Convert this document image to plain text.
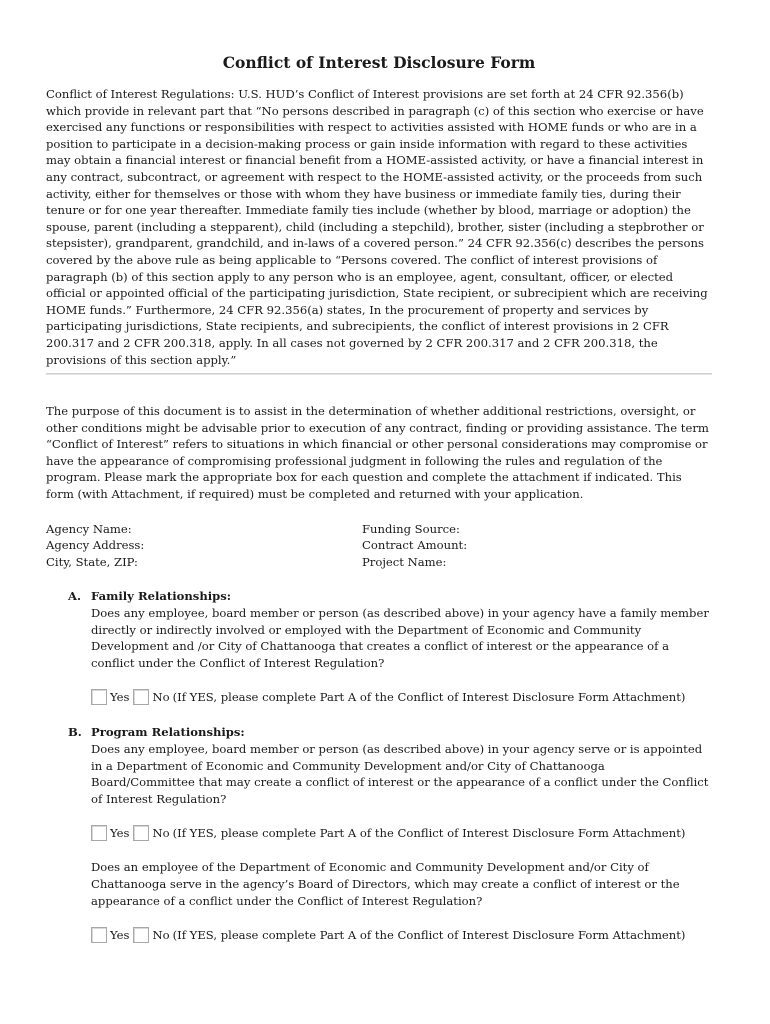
Conflict of Interest Disclosure Form

Conflict of Interest Regulations: U.S. HUD’s Conflict of Interest provisions are set forth at 24 CFR 92.356(b) which provide in relevant part that “No persons described in paragraph (c) of this section who exercise or have exercised any functions or responsibilities with respect to activities assisted with HOME funds or who are in a position to participate in a decision-making process or gain inside information with regard to these activities may obtain a financial interest or financial benefit from a HOME-assisted activity, or have a financial interest in any contract, subcontract, or agreement with respect to the HOME-assisted activity, or the proceeds from such activity, either for themselves or those with whom they have business or immediate family ties, during their tenure or for one year thereafter. Immediate family ties include (whether by blood, marriage or adoption) the spouse, parent (including a stepparent), child (including a stepchild), brother, sister (including a stepbrother or stepsister), grandparent, grandchild, and in-laws of a covered person.” 24 CFR 92.356(c) describes the persons covered by the above rule as being applicable to “Persons covered. The conflict of interest provisions of paragraph (b) of this section apply to any person who is an employee, agent, consultant, officer, or elected official or appointed official of the participating jurisdiction, State recipient, or subrecipient which are receiving HOME funds.” Furthermore, 24 CFR 92.356(a) states, In the procurement of property and services by participating jurisdictions, State recipients, and subrecipients, the conflict of interest provisions in 2 CFR 200.317 and 2 CFR 200.318, apply. In all cases not governed by 2 CFR 200.317 and 2 CFR 200.318, the provisions of this section apply.”

The purpose of this document is to assist in the determination of whether additional restrictions, oversight, or other conditions might be advisable prior to execution of any contract, finding or providing assistance. The term “Conflict of Interest” refers to situations in which financial or other personal considerations may compromise or have the appearance of compromising professional judgment in following the rules and regulation of the program. Please mark the appropriate box for each question and complete the attachment if indicated. This form (with Attachment, if required) must be completed and returned with your application.

Agency Name:
Agency Address:
City, State, ZIP:
Funding Source:
Contract Amount:
Project Name:
A. Family Relationships:

Does any employee, board member or person (as described above) in your agency have a family member directly or indirectly involved or employed with the Department of Economic and Community Development and /or City of Chattanooga that creates a conflict of interest or the appearance of a conflict under the Conflict of Interest Regulation?

Yes No (If YES, please complete Part A of the Conflict of Interest Disclosure Form Attachment)
B. Program Relationships:

Does any employee, board member or person (as described above) in your agency serve or is appointed in a Department of Economic and Community Development and/or City of Chattanooga Board/Committee that may create a conflict of interest or the appearance of a conflict under the Conflict of Interest Regulation?

Yes No (If YES, please complete Part A of the Conflict of Interest Disclosure Form Attachment)

Does an employee of the Department of Economic and Community Development and/or City of Chattanooga serve in the agency’s Board of Directors, which may create a conflict of interest or the appearance of a conflict under the Conflict of Interest Regulation?

Yes No (If YES, please complete Part A of the Conflict of Interest Disclosure Form Attachment)
